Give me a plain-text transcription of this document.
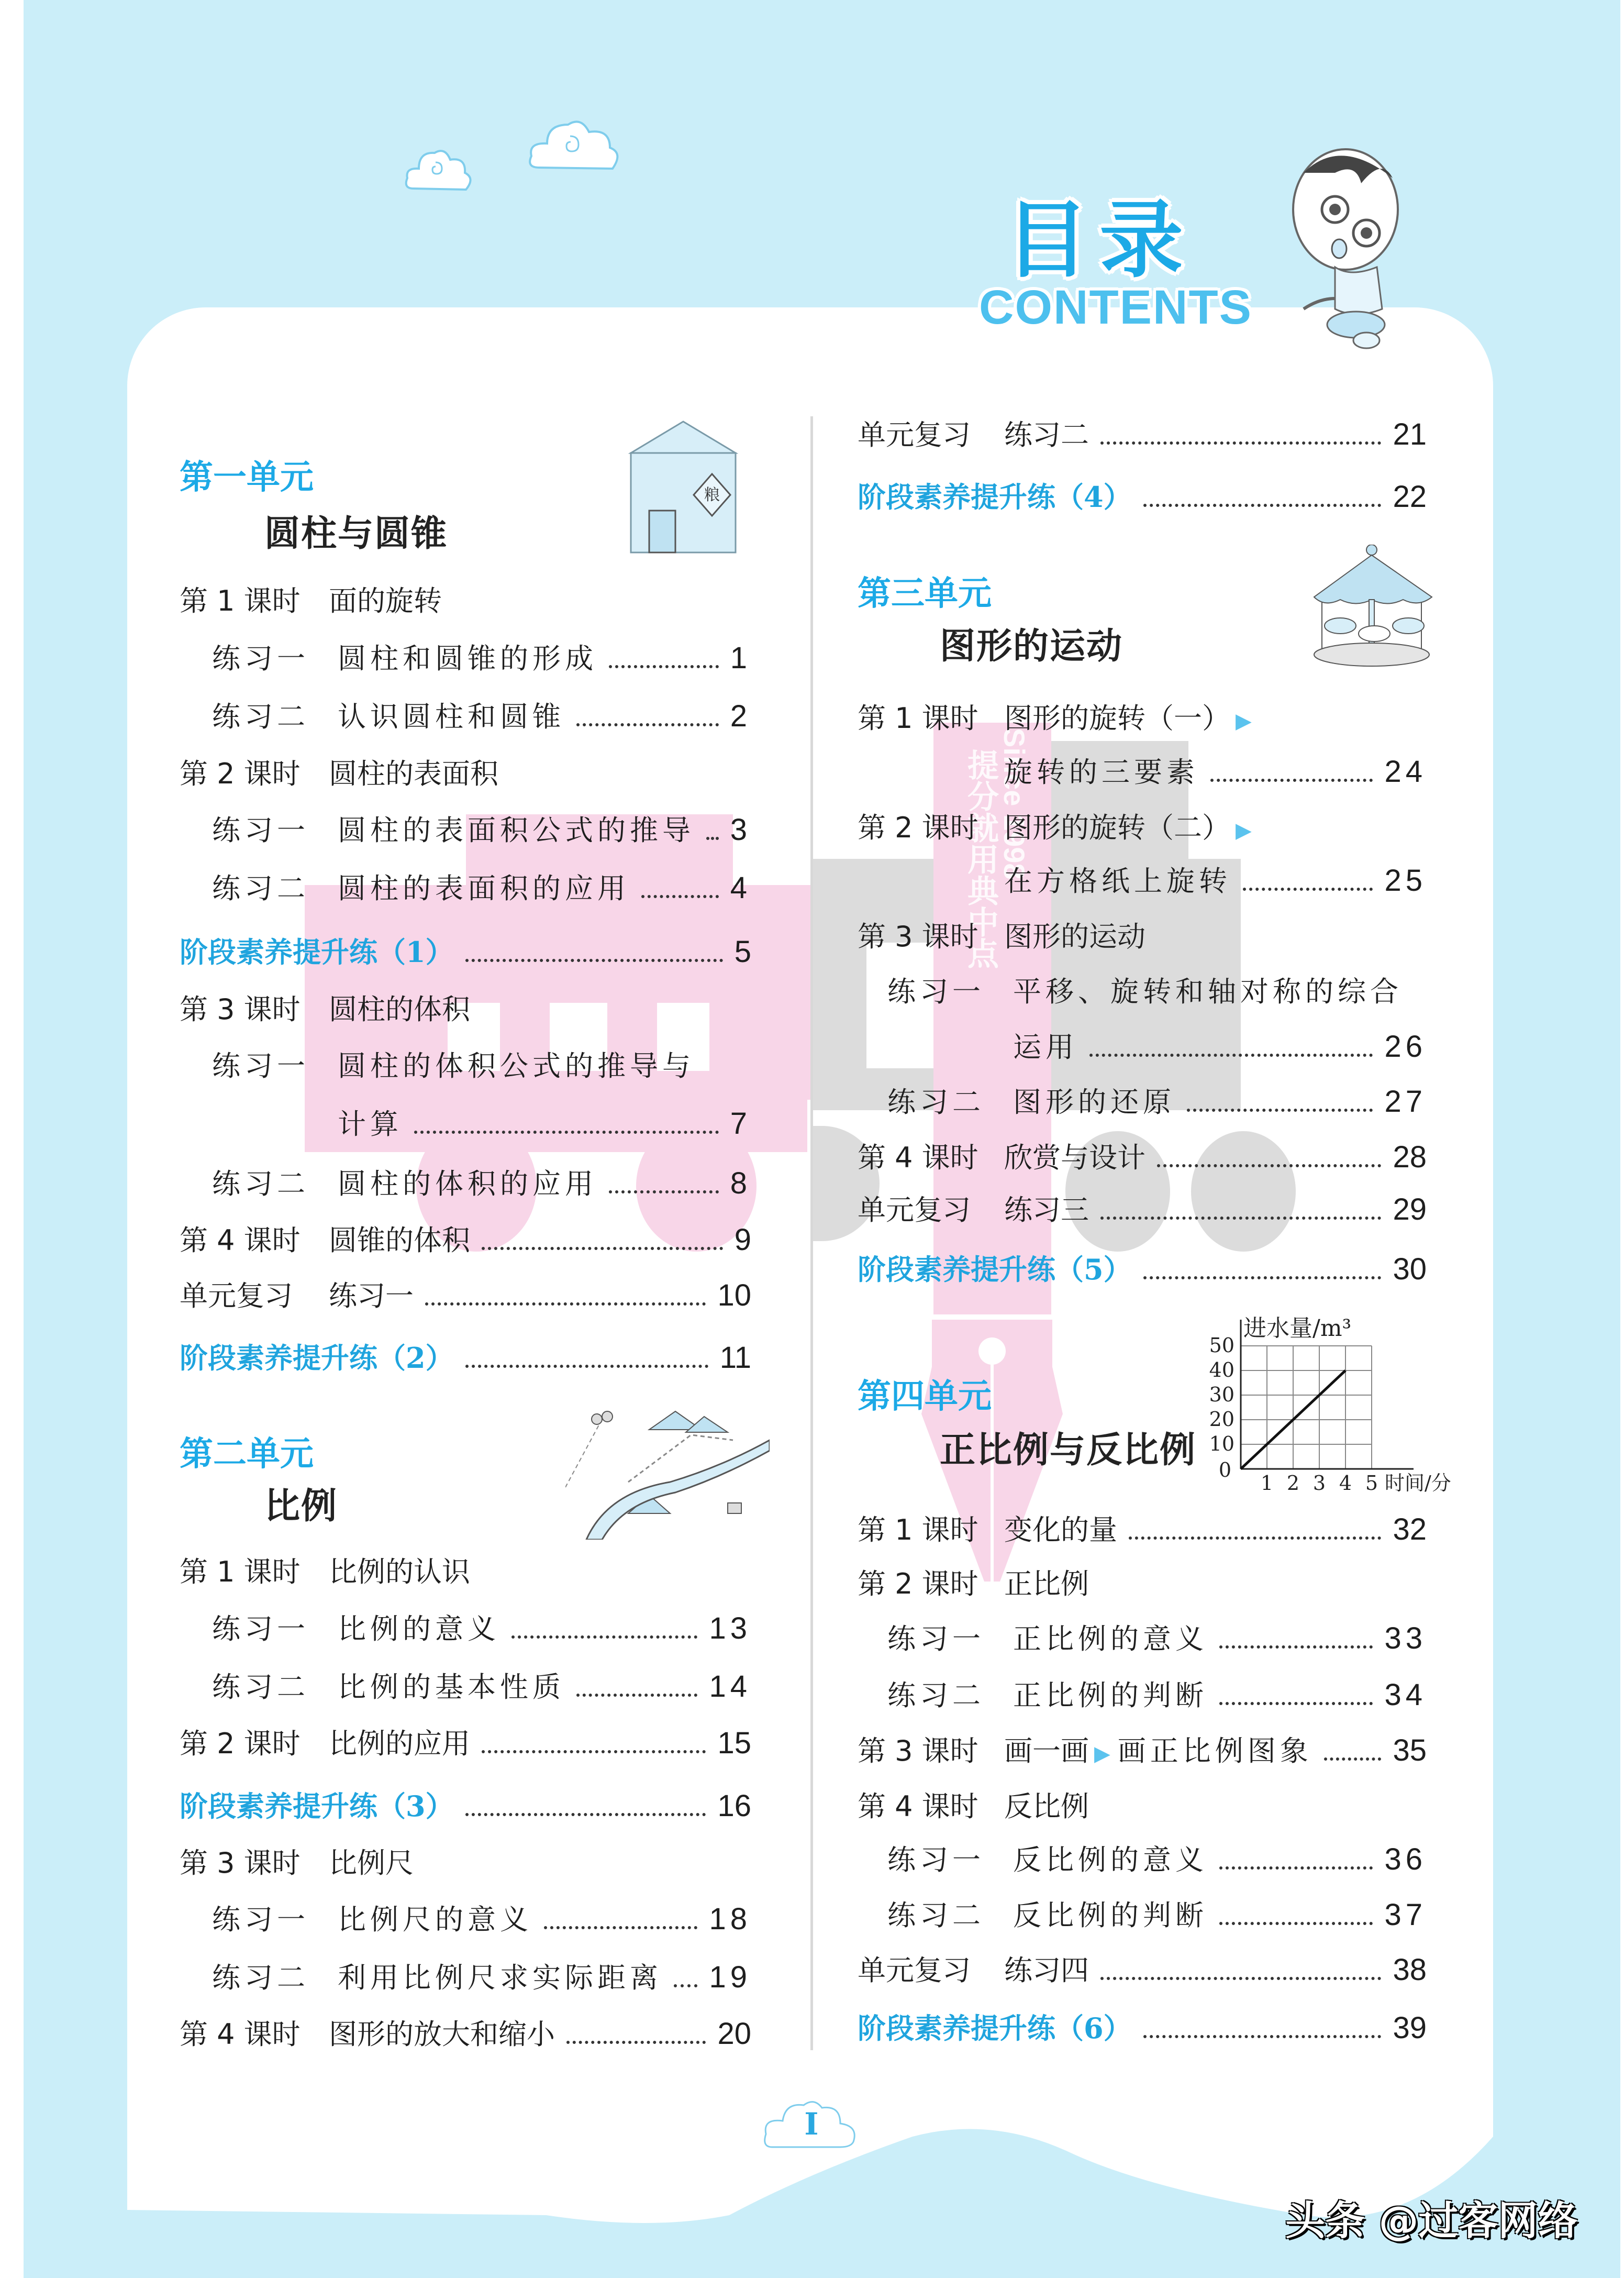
提分就用典中点
Since 1998
目录
CONTENTS
第一单元
圆柱与圆锥
粮
第二单元
比例
第三单元
图形的运动
第四单元
正比例与反比例
进水量/m³
50
40
30
20
10
0
1 2 3 4 5 时间/分
第 1 课时	面的旋转
练习一	圆柱和圆锥的形成	1
练习二	认识圆柱和圆锥	2
第 2 课时	圆柱的表面积
练习一	圆柱的表面积公式的推导 3
练习二	圆柱的表面积的应用	4
阶段素养提升练（1）	5
第 3 课时	圆柱的体积
练习一	圆柱的体积公式的推导与
计算	7
练习二	圆柱的体积的应用	8
第 4 课时	圆锥的体积	9
单元复习	练习一	10
阶段素养提升练（2）	11
第 1 课时	比例的认识
练习一	比例的意义	13
练习二	比例的基本性质	14
第 2 课时	比例的应用	15
阶段素养提升练（3）	16
第 3 课时	比例尺
练习一	比例尺的意义	18
练习二	利用比例尺求实际距离 19
第 4 课时	图形的放大和缩小	20
单元复习	练习二	21
阶段素养提升练（4）	22
第 1 课时 图形的旋转（一） ▶
旋转的三要素	24
第 2 课时 图形的旋转（二） ▶
在方格纸上旋转	25
第 3 课时 图形的运动
练习一	平移、旋转和轴对称的综合
运用	26
练习二	图形的还原	27
第 4 课时 欣赏与设计	28
单元复习	练习三	29
阶段素养提升练（5）	30
第 1 课时 变化的量	32
第 2 课时 正比例
练习一	正比例的意义	33
练习二	正比例的判断	34
第 3 课时 画一画 ▶ 画正比例图象	35
第 4 课时 反比例
练习一	反比例的意义	36
练习二	反比例的判断	37
单元复习	练习四	38
阶段素养提升练（6）	39
I
头条 @过客网络
